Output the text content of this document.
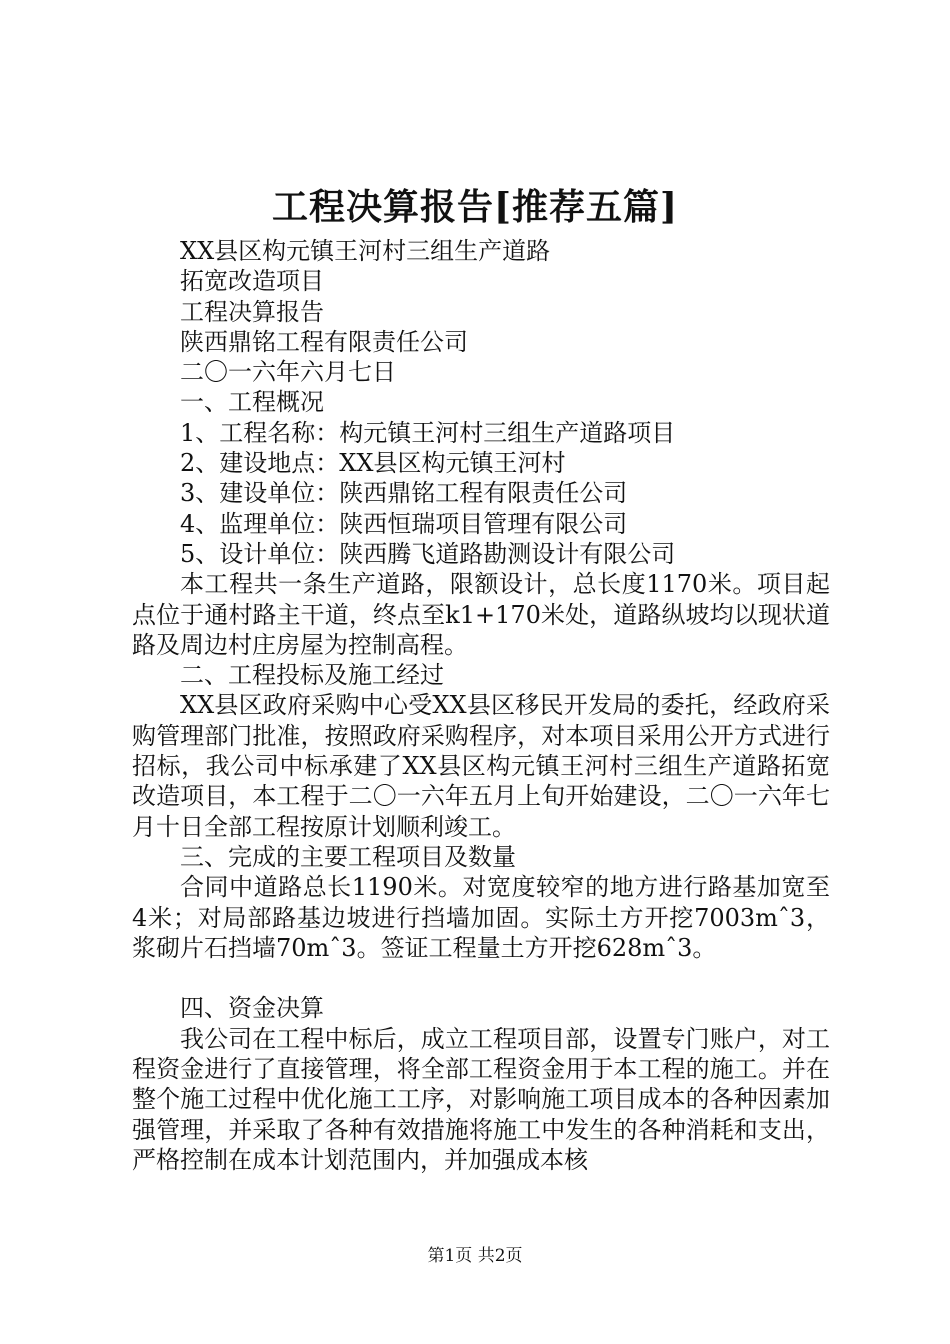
工程决算报告[推荐五篇]
XX县区构元镇王河村三组生产道路
拓宽改造项目
工程决算报告
陕西鼎铭工程有限责任公司
二〇一六年六月七日
一、工程概况
1、工程名称：构元镇王河村三组生产道路项目
2、建设地点：XX县区构元镇王河村
3、建设单位：陕西鼎铭工程有限责任公司
4、监理单位：陕西恒瑞项目管理有限公司
5、设计单位：陕西腾飞道路勘测设计有限公司
本工程共一条生产道路，限额设计，总长度1170米。项目起点位于通村路主干道，终点至k1+170米处，道路纵坡均以现状道路及周边村庄房屋为控制高程。
二、工程投标及施工经过
XX县区政府采购中心受XX县区移民开发局的委托，经政府采购管理部门批准，按照政府采购程序，对本项目采用公开方式进行招标，我公司中标承建了XX县区构元镇王河村三组生产道路拓宽改造项目，本工程于二〇一六年五月上旬开始建设，二〇一六年七月十日全部工程按原计划顺利竣工。
三、完成的主要工程项目及数量
合同中道路总长1190米。对宽度较窄的地方进行路基加宽至4米；对局部路基边坡进行挡墙加固。实际土方开挖7003mˆ3，浆砌片石挡墙70mˆ3。签证工程量土方开挖628mˆ3。
四、资金决算
我公司在工程中标后，成立工程项目部，设置专门账户，对工程资金进行了直接管理，将全部工程资金用于本工程的施工。并在整个施工过程中优化施工工序，对影响施工项目成本的各种因素加强管理，并采取了各种有效措施将施工中发生的各种消耗和支出，严格控制在成本计划范围内，并加强成本核
第1页 共2页
